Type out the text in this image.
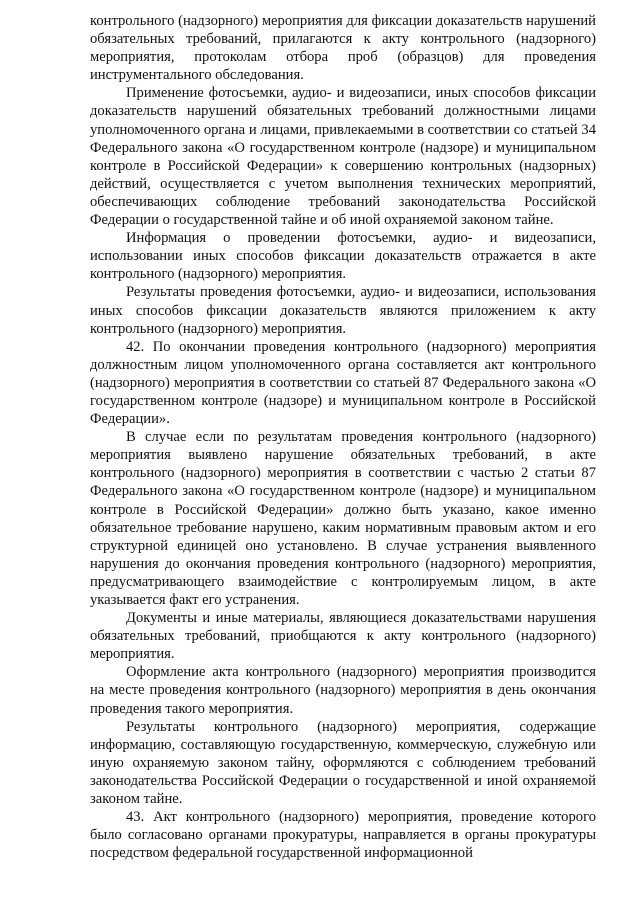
контрольного (надзорного) мероприятия для фиксации доказательств нарушений обязательных требований, прилагаются к акту контрольного (надзорного) мероприятия, протоколам отбора проб (образцов) для проведения инструментального обследования.

Применение фотосъемки, аудио- и видеозаписи, иных способов фиксации доказательств нарушений обязательных требований должностными лицами уполномоченного органа и лицами, привлекаемыми в соответствии со статьей 34 Федерального закона «О государственном контроле (надзоре) и муниципальном контроле в Российской Федерации» к совершению контрольных (надзорных) действий, осуществляется с учетом выполнения технических мероприятий, обеспечивающих соблюдение требований законодательства Российской Федерации о государственной тайне и об иной охраняемой законом тайне.

Информация о проведении фотосъемки, аудио- и видеозаписи, использовании иных способов фиксации доказательств отражается в акте контрольного (надзорного) мероприятия.

Результаты проведения фотосъемки, аудио- и видеозаписи, использования иных способов фиксации доказательств являются приложением к акту контрольного (надзорного) мероприятия.

42. По окончании проведения контрольного (надзорного) мероприятия должностным лицом уполномоченного органа составляется акт контрольного (надзорного) мероприятия в соответствии со статьей 87 Федерального закона «О государственном контроле (надзоре) и муниципальном контроле в Российской Федерации».

В случае если по результатам проведения контрольного (надзорного) мероприятия выявлено нарушение обязательных требований, в акте контрольного (надзорного) мероприятия в соответствии с частью 2 статьи 87 Федерального закона «О государственном контроле (надзоре) и муниципальном контроле в Российской Федерации» должно быть указано, какое именно обязательное требование нарушено, каким нормативным правовым актом и его структурной единицей оно установлено. В случае устранения выявленного нарушения до окончания проведения контрольного (надзорного) мероприятия, предусматривающего взаимодействие с контролируемым лицом, в акте указывается факт его устранения.

Документы и иные материалы, являющиеся доказательствами нарушения обязательных требований, приобщаются к акту контрольного (надзорного) мероприятия.

Оформление акта контрольного (надзорного) мероприятия производится на месте проведения контрольного (надзорного) мероприятия в день окончания проведения такого мероприятия.

Результаты контрольного (надзорного) мероприятия, содержащие информацию, составляющую государственную, коммерческую, служебную или иную охраняемую законом тайну, оформляются с соблюдением требований законодательства Российской Федерации о государственной и иной охраняемой законом тайне.

43. Акт контрольного (надзорного) мероприятия, проведение которого было согласовано органами прокуратуры, направляется в органы прокуратуры посредством федеральной государственной информационной
